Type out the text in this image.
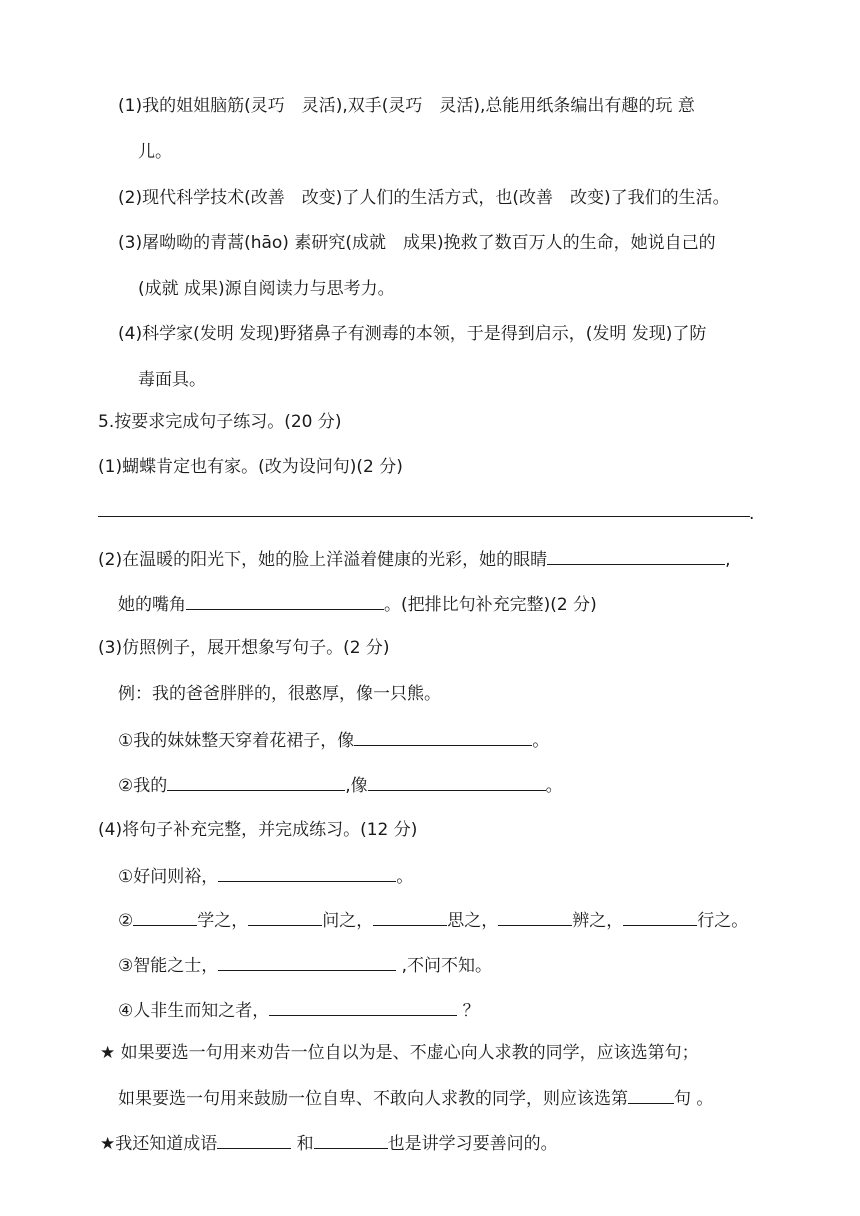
(1)我的姐姐脑筋(灵巧　灵活),双手(灵巧　灵活),总能用纸条编出有趣的玩 意
儿。
(2)现代科学技术(改善　改变)了人们的生活方式，也(改善　改变)了我们的生活。
(3)屠呦呦的青蒿(hāo) 素研究(成就　成果)挽救了数百万人的生命，她说自己的
(成就 成果)源自阅读力与思考力。
(4)科学家(发明 发现)野猪鼻子有测毒的本领，于是得到启示，(发明 发现)了防
毒面具。
5.按要求完成句子练习。(20 分)
(1)蝴蝶肯定也有家。(改为设问句)(2 分)
.
(2)在温暖的阳光下，她的脸上洋溢着健康的光彩，她的眼睛	,
她的嘴角	。(把排比句补充完整)(2 分)
(3)仿照例子，展开想象写句子。(2 分)
例：我的爸爸胖胖的，很憨厚，像一只熊。
①我的妹妹整天穿着花裙子，像	。
②我的	,像	。
(4)将句子补充完整，并完成练习。(12 分)
①好问则裕，	。
②	学之，	问之，	思之，	辨之，	行之。
③智能之士，	,不问不知。
④人非生而知之者，	？
★ 如果要选一句用来劝告一位自以为是、不虚心向人求教的同学，应该选第句；
如果要选一句用来鼓励一位自卑、不敢向人求教的同学，则应该选第	句 。
★我还知道成语	和	也是讲学习要善问的。
